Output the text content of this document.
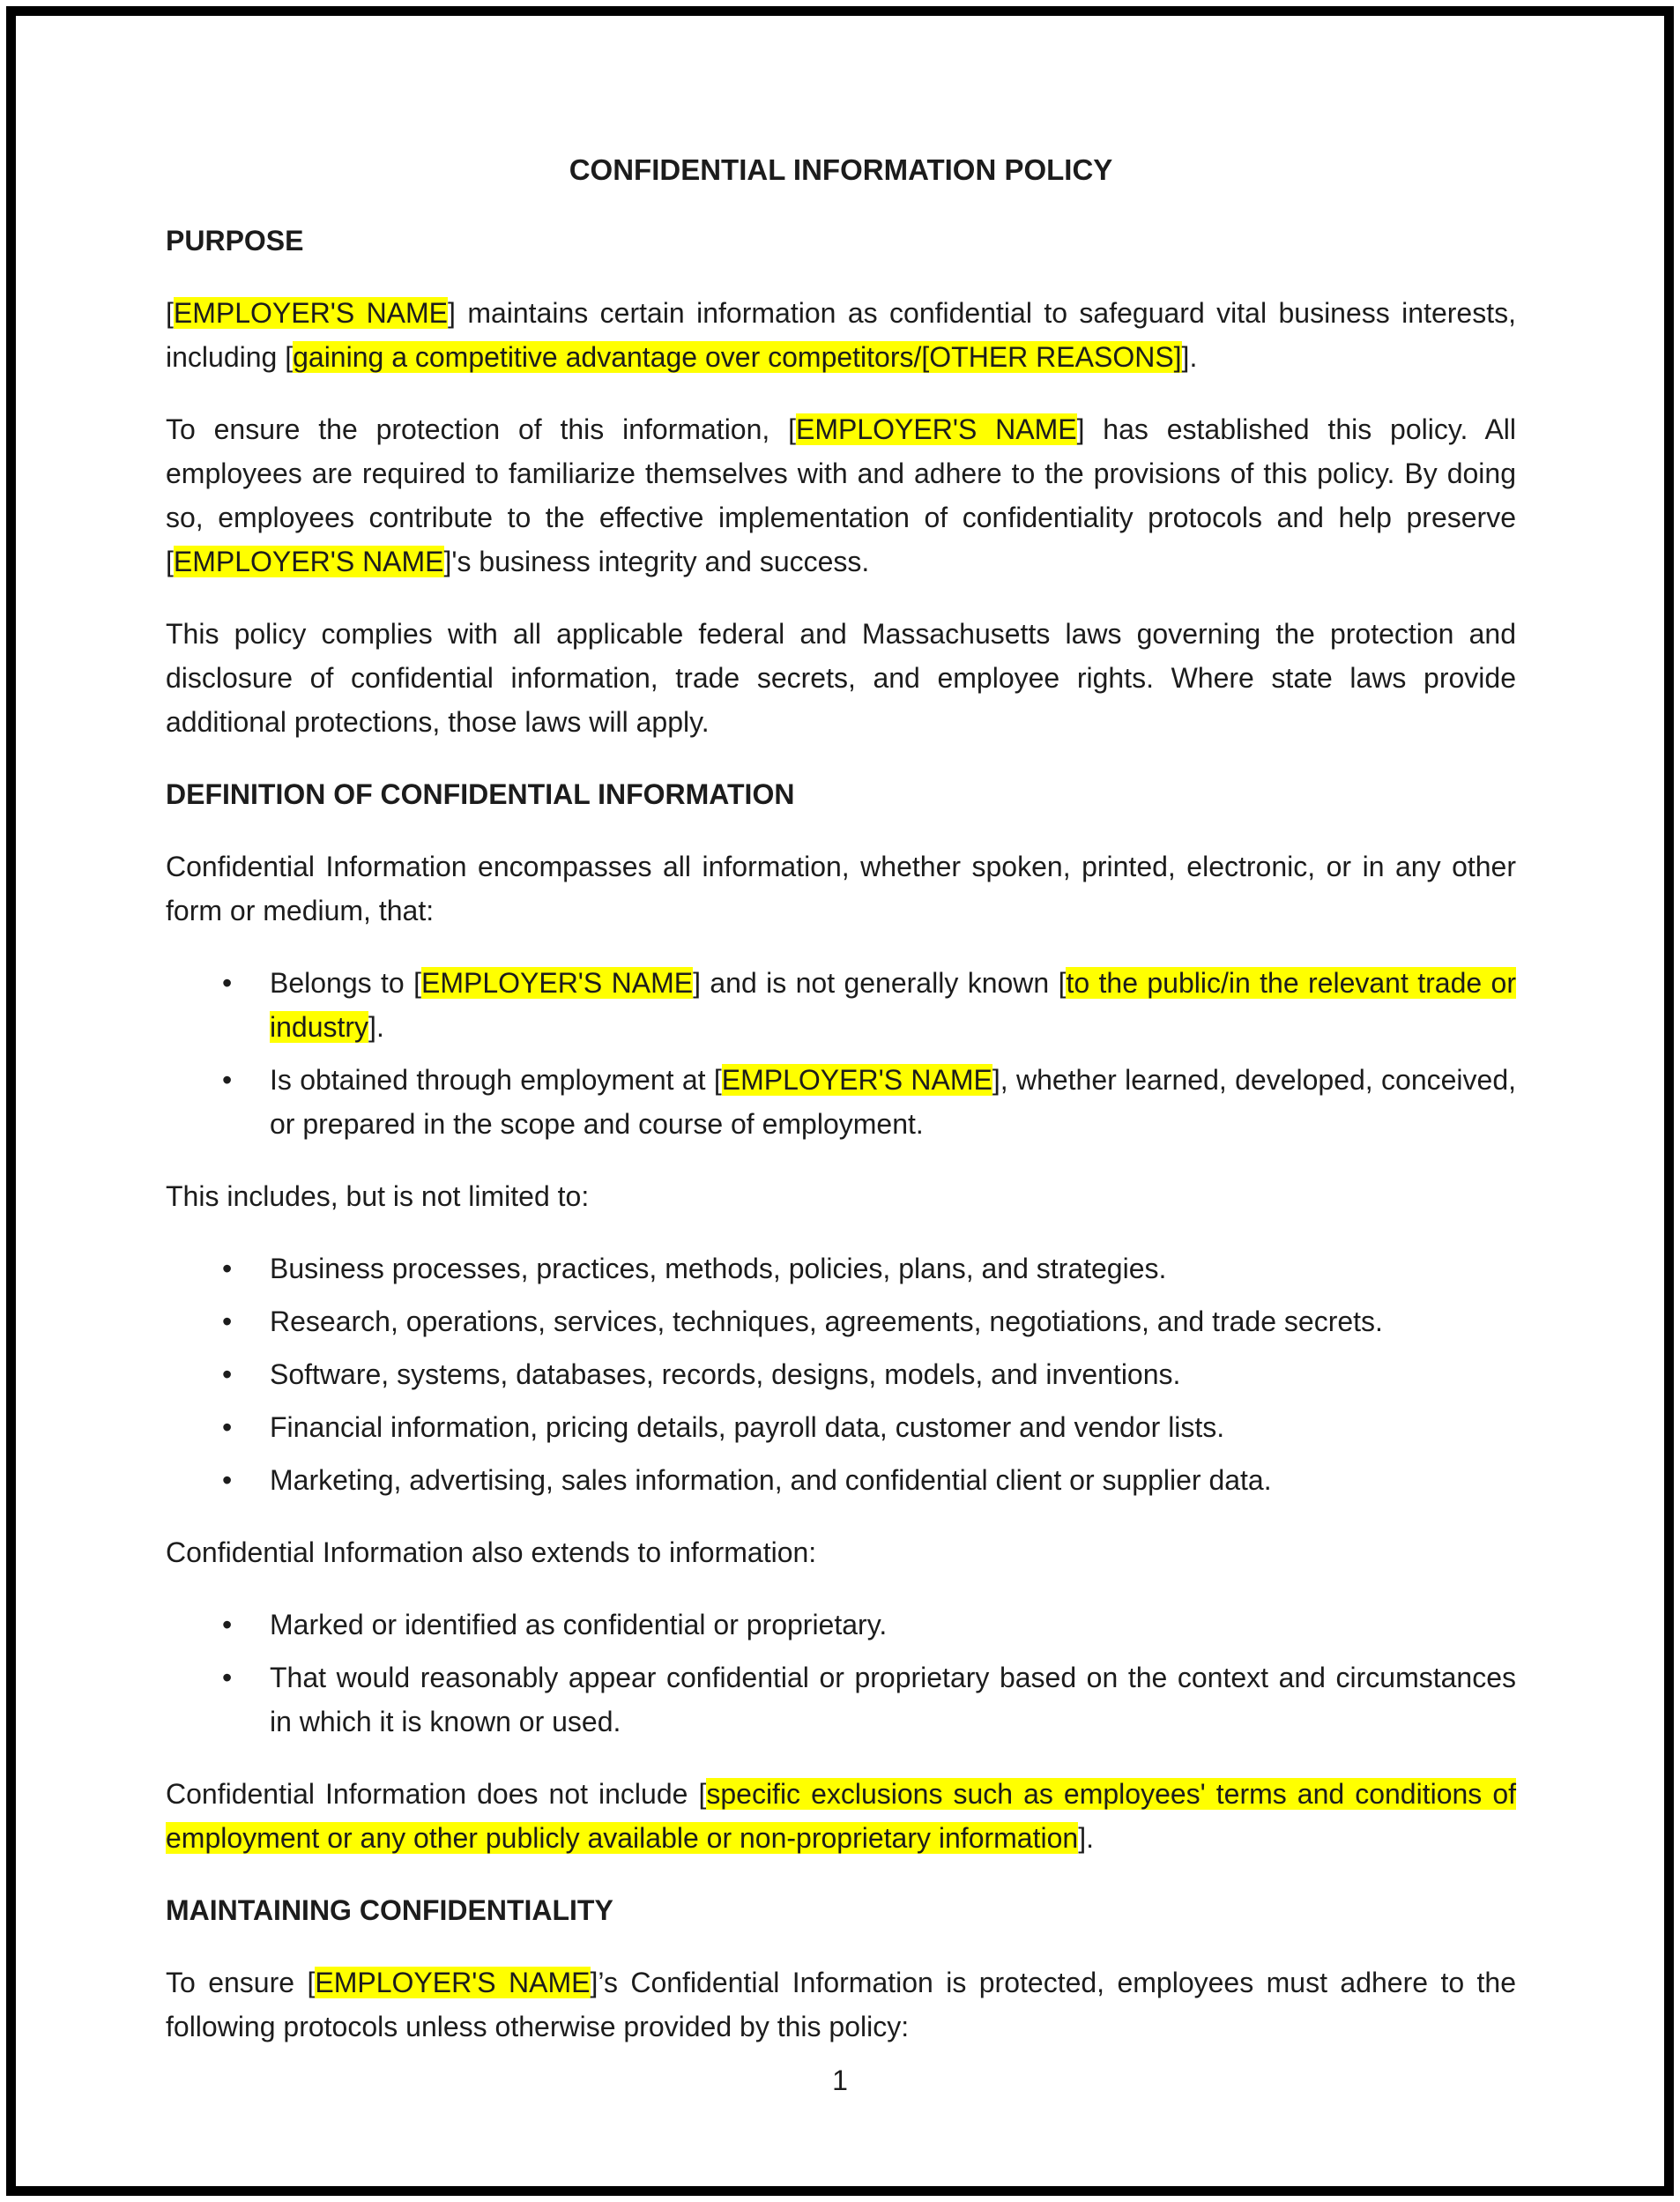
CONFIDENTIAL INFORMATION POLICY

PURPOSE

[EMPLOYER'S NAME] maintains certain information as confidential to safeguard vital business interests, including [gaining a competitive advantage over competitors/[OTHER REASONS]].

To ensure the protection of this information, [EMPLOYER'S NAME] has established this policy. All employees are required to familiarize themselves with and adhere to the provisions of this policy. By doing so, employees contribute to the effective implementation of confidentiality protocols and help preserve [EMPLOYER'S NAME]'s business integrity and success.

This policy complies with all applicable federal and Massachusetts laws governing the protection and disclosure of confidential information, trade secrets, and employee rights. Where state laws provide additional protections, those laws will apply.

DEFINITION OF CONFIDENTIAL INFORMATION

Confidential Information encompasses all information, whether spoken, printed, electronic, or in any other form or medium, that:

• Belongs to [EMPLOYER'S NAME] and is not generally known [to the public/in the relevant trade or industry].
• Is obtained through employment at [EMPLOYER'S NAME], whether learned, developed, conceived, or prepared in the scope and course of employment.

This includes, but is not limited to:

• Business processes, practices, methods, policies, plans, and strategies.
• Research, operations, services, techniques, agreements, negotiations, and trade secrets.
• Software, systems, databases, records, designs, models, and inventions.
• Financial information, pricing details, payroll data, customer and vendor lists.
• Marketing, advertising, sales information, and confidential client or supplier data.

Confidential Information also extends to information:

• Marked or identified as confidential or proprietary.
• That would reasonably appear confidential or proprietary based on the context and circumstances in which it is known or used.

Confidential Information does not include [specific exclusions such as employees' terms and conditions of employment or any other publicly available or non-proprietary information].

MAINTAINING CONFIDENTIALITY

To ensure [EMPLOYER'S NAME]’s Confidential Information is protected, employees must adhere to the following protocols unless otherwise provided by this policy:

1
